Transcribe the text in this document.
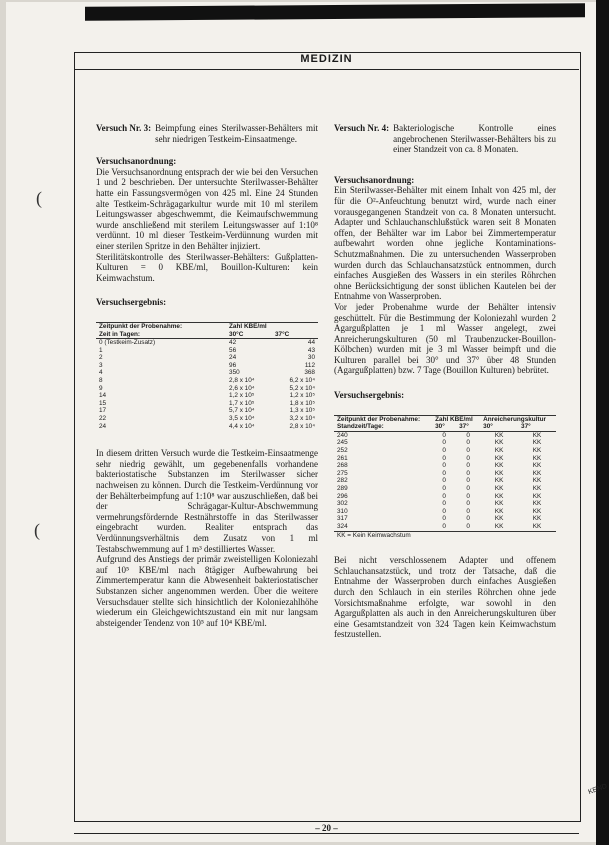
MEDIZIN
(
(
Versuch Nr. 3: Beimpfung eines Sterilwasser-Behälters mit sehr niedrigen Testkeim-Einsaatmenge.

Versuchsanordnung:

Die Versuchsanordnung entsprach der wie bei den Versuchen 1 und 2 beschrieben. Der untersuchte Sterilwasser-Behälter hatte ein Fassungsvermögen von 425 ml. Eine 24 Stunden alte Testkeim-Schrägagarkultur wurde mit 10 ml sterilem Leitungswasser abgeschwemmt, die Keimaufschwemmung wurde anschließend mit sterilem Leitungswasser auf 1:10⁸ verdünnt. 10 ml dieser Testkeim-Verdünnung wurden mit einer sterilen Spritze in den Behälter injiziert.

Sterilitätskontrolle des Sterilwasser-Behälters: Gußplatten-Kulturen = 0 KBE/ml, Bouillon-Kulturen: kein Keimwachstum.

Versuchsergebnis:

Zeitpunkt der Probenahme:	Zahl KBE/ml	
Zeit in Tagen:	30°C	37°C
0 (Testkeim-Zusatz)	42	44
1	56	43
2	24	30
3	96	112
4	350	368
8	2,8 x 10⁴	6,2 x 10⁴
9	2,6 x 10⁴	5,2 x 10⁴
14	1,2 x 10⁵	1,2 x 10⁵
15	1,7 x 10⁵	1,8 x 10⁵
17	5,7 x 10⁴	1,3 x 10⁵
22	3,5 x 10⁴	3,2 x 10⁴
24	4,4 x 10⁴	2,8 x 10⁴

In diesem dritten Versuch wurde die Testkeim-Einsaatmenge sehr niedrig gewählt, um gegebenenfalls vorhandene bakteriostatische Substanzen im Sterilwasser sicher nachweisen zu können. Durch die Testkeim-Verdünnung vor der Behälterbeimpfung auf 1:10⁸ war auszuschließen, daß bei der Schrägagar-Kultur-Abschwemmung vermehrungsfördernde Restnährstoffe in das Sterilwasser eingebracht wurden. Realiter entsprach das Verdünnungsverhältnis dem Zusatz von 1 ml Testabschwemmung auf 1 m³ destilliertes Wasser.

Aufgrund des Anstiegs der primär zweistelligen Koloniezahl auf 10⁵ KBE/ml nach 8tägiger Aufbewahrung bei Zimmertemperatur kann die Abwesenheit bakteriostatischer Substanzen sicher angenommen werden. Über die weitere Versuchsdauer stellte sich hinsichtlich der Koloniezahlhöhe wiederum ein Gleichgewichtszustand ein mit nur langsam absteigender Tendenz von 10⁵ auf 10⁴ KBE/ml.

Versuch Nr. 4: Bakteriologische Kontrolle eines angebrochenen Sterilwasser-Behälters bis zu einer Standzeit von ca. 8 Monaten.

Versuchsanordnung:

Ein Sterilwasser-Behälter mit einem Inhalt von 425 ml, der für die O²-Anfeuchtung benutzt wird, wurde nach einer vorausgegangenen Standzeit von ca. 8 Monaten untersucht. Adapter und Schlauchanschlußstück waren seit 8 Monaten offen, der Behälter war im Labor bei Zimmertemperatur aufbewahrt worden ohne jegliche Kontaminations-Schutzmaßnahmen. Die zu untersuchenden Wasserproben wurden durch das Schlauchansatzstück entnommen, durch einfaches Ausgießen des Wassers in ein steriles Röhrchen ohne Berücksichtigung der sonst üblichen Kautelen bei der Entnahme von Wasserproben.

Vor jeder Probenahme wurde der Behälter intensiv geschüttelt. Für die Bestimmung der Koloniezahl wurden 2 Agargußplatten je 1 ml Wasser angelegt, zwei Anreicherungskulturen (50 ml Traubenzucker-Bouillon-Kölbchen) wurden mit je 3 ml Wasser beimpft und die Kulturen parallel bei 30° und 37° über 48 Stunden (Agargußplatten) bzw. 7 Tage (Bouillon Kulturen) bebrütet.

Versuchsergebnis:

Zeitpunkt der Probenahme:	Zahl KBE/ml		Anreicherungskultur	
Standzeit/Tage:	30°	37°	30°	37°
240	0	0	KK	KK
245	0	0	KK	KK
252	0	0	KK	KK
261	0	0	KK	KK
268	0	0	KK	KK
275	0	0	KK	KK
282	0	0	KK	KK
289	0	0	KK	KK
296	0	0	KK	KK
302	0	0	KK	KK
310	0	0	KK	KK
317	0	0	KK	KK
324	0	0	KK	KK
KK = Kein Keimwachstum				

Bei nicht verschlossenem Adapter und offenem Schlauchansatzstück, und trotz der Tatsache, daß die Entnahme der Wasserproben durch einfaches Ausgießen durch den Schlauch in ein steriles Röhrchen ohne jede Vorsichtsmaßnahme erfolgte, war sowohl in den Agargußplatten als auch in den Anreicherungskulturen über eine Gesamtstandzeit von 324 Tagen kein Keimwachstum festzustellen.

– 20 –
KEND
